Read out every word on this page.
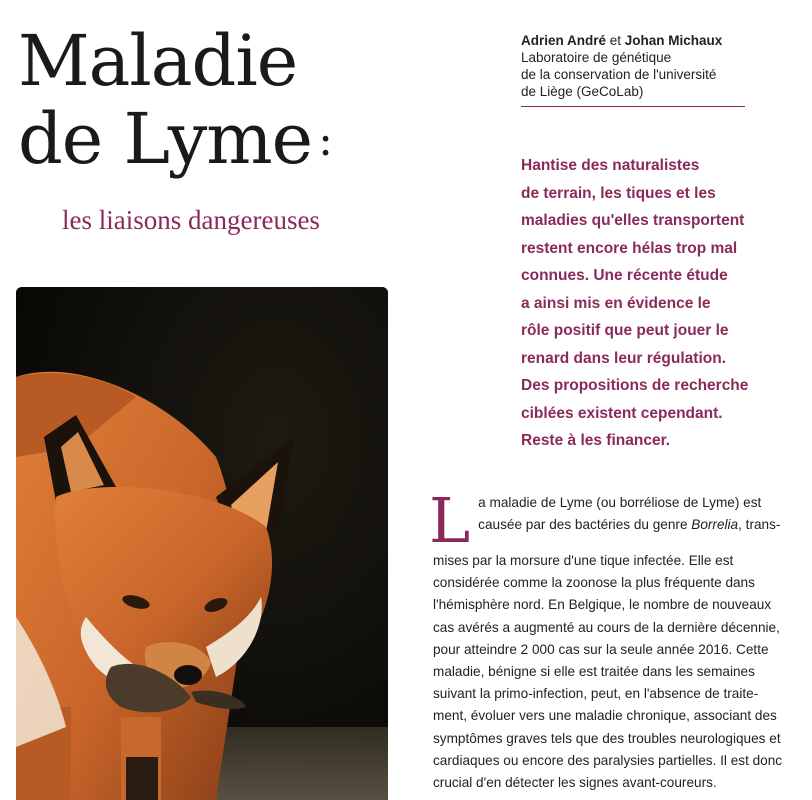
Maladie
de Lyme :
les liaisons dangereuses
Adrien André et Johan Michaux
Laboratoire de génétique
de la conservation de l'université
de Liège (GeCoLab)
Hantise des naturalistes
de terrain, les tiques et les
maladies qu'elles transportent
restent encore hélas trop mal
connues. Une récente étude
a ainsi mis en évidence le
rôle positif que peut jouer le
renard dans leur régulation.
Des propositions de recherche
ciblées existent cependant.
Reste à les financer.
L a maladie de Lyme (ou borréliose de Lyme) est
causée par des bactéries du genre Borrelia, trans-
mises par la morsure d'une tique infectée. Elle est
considérée comme la zoonose la plus fréquente dans
l'hémisphère nord. En Belgique, le nombre de nouveaux
cas avérés a augmenté au cours de la dernière décennie,
pour atteindre 2 000 cas sur la seule année 2016. Cette
maladie, bénigne si elle est traitée dans les semaines
suivant la primo-infection, peut, en l'absence de traite-
ment, évoluer vers une maladie chronique, associant des
symptômes graves tels que des troubles neurologiques et
cardiaques ou encore des paralysies partielles. Il est donc
crucial d'en détecter les signes avant-coureurs.
